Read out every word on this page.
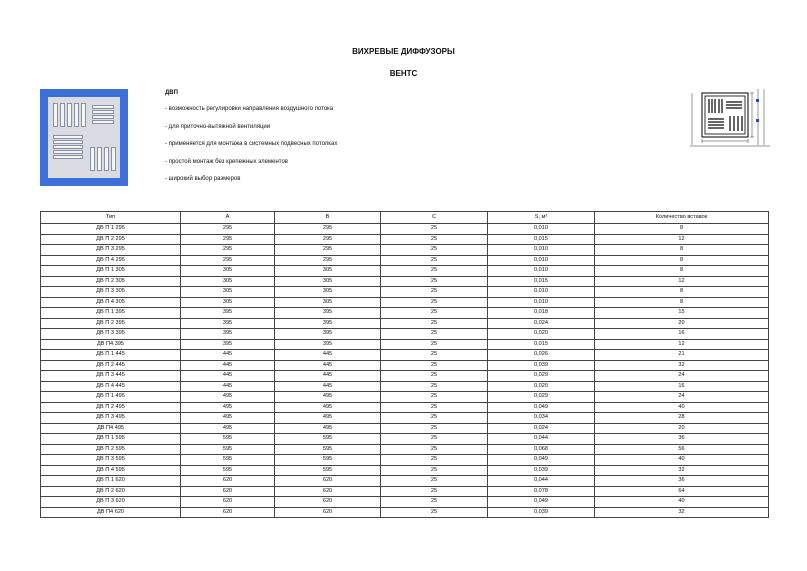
ВИХРЕВЫЕ ДИФФУЗОРЫ
ВЕНТС
ДВП
- возможность регулировки направления воздушного потока
- для приточно-вытяжной вентиляции
- применяется для монтажа в системных подвесных потолках
- простой монтаж без крепежных элементов
- широкий выбор размеров
Тип	A	B	C	S, м²	Количество вставок
ДВ П 1 295	295	295	25	0,010	8
ДВ П 2 295	295	295	25	0,015	12
ДВ П 3 295	295	295	25	0,010	8
ДВ П 4 295	295	295	25	0,010	8
ДВ П 1 305	305	305	25	0,010	8
ДВ П 2 305	305	305	25	0,015	12
ДВ П 3 305	305	305	25	0,010	8
ДВ П 4 305	305	305	25	0,010	8
ДВ П 1 395	395	395	25	0,018	15
ДВ П 2 395	395	395	25	0,024	20
ДВ П 3 395	395	395	25	0,020	16
ДВ П4 395	395	395	25	0,015	12
ДВ П 1 445	445	445	25	0,026	21
ДВ П 2 445	445	445	25	0,039	32
ДВ П 3 445	445	445	25	0,029	24
ДВ П 4 445	445	445	25	0,020	16
ДВ П 1 495	495	495	25	0,029	24
ДВ П 2 495	495	495	25	0,049	40
ДВ П 3 495	495	495	25	0,034	28
ДВ П4 495	495	495	25	0,024	20
ДВ П 1 595	595	595	25	0,044	36
ДВ П 2 595	595	595	25	0,068	56
ДВ П 3 595	595	595	25	0,049	40
ДВ П 4 595	595	595	25	0,039	32
ДВ П 1 620	620	620	25	0,044	36
ДВ П 2 620	620	620	25	0,078	64
ДВ П 3 620	620	620	25	0,049	40
ДВ П4 620	620	620	25	0,039	32
